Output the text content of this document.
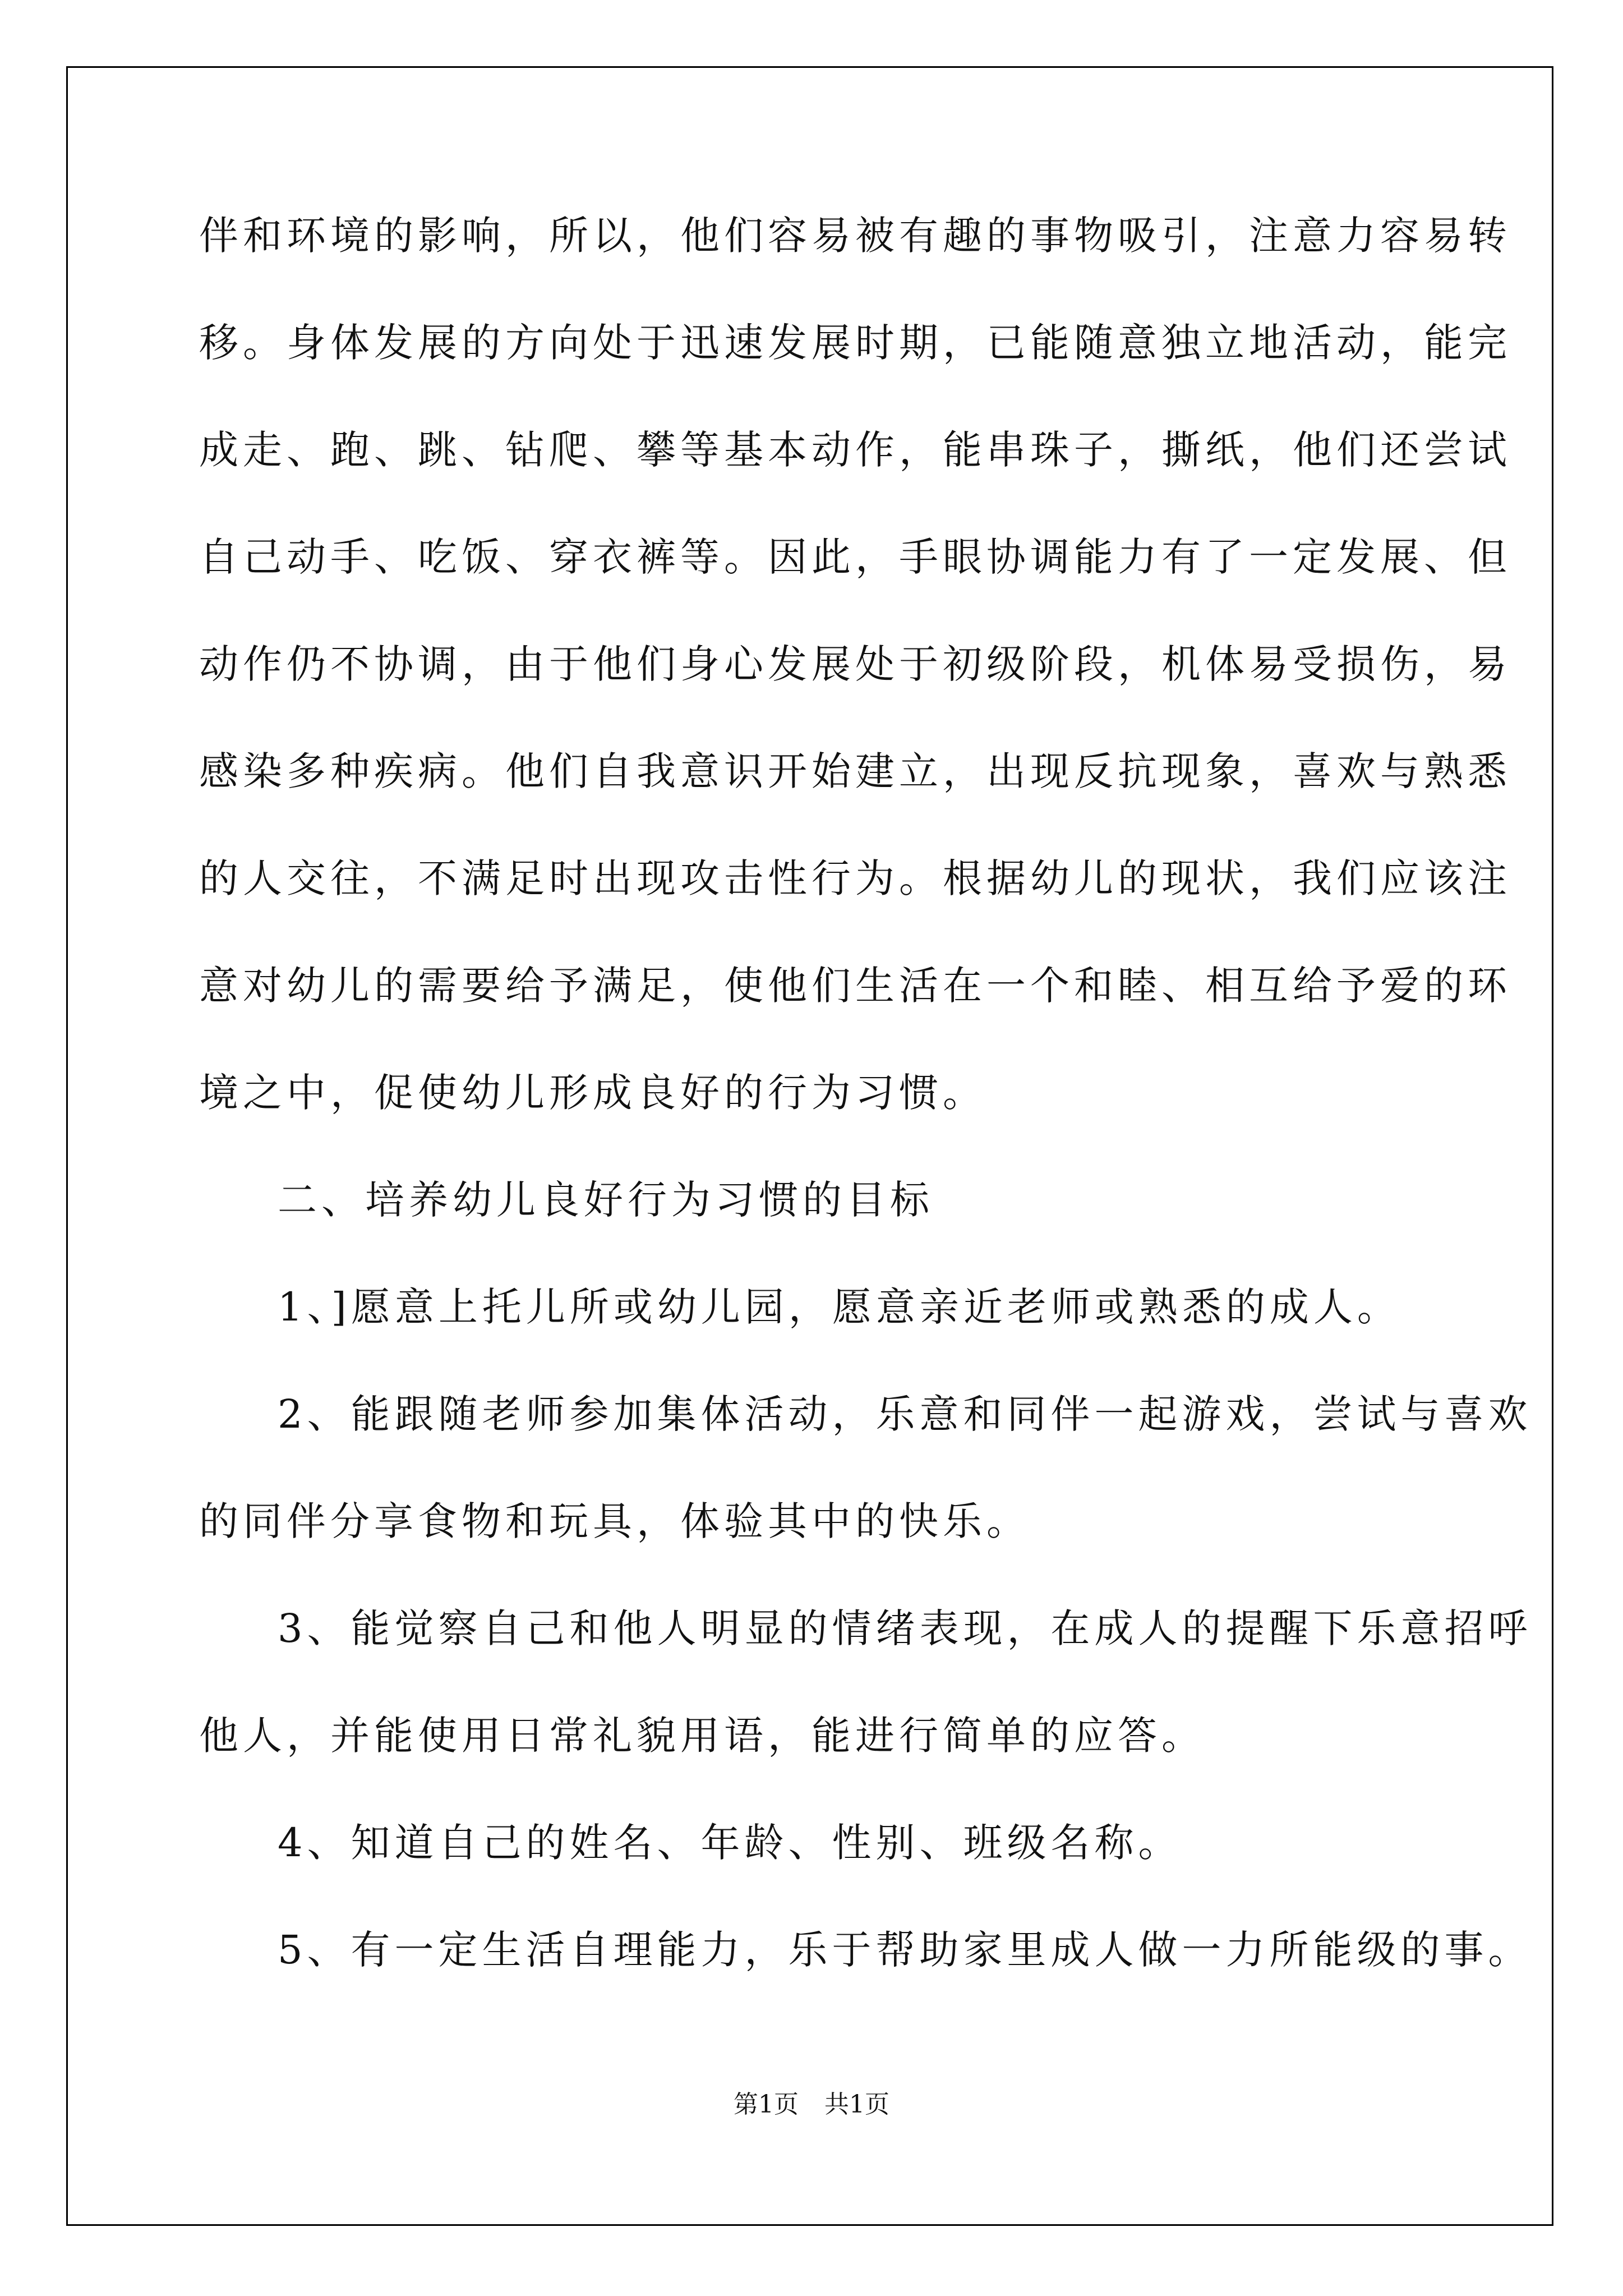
伴和环境的影响，所以，他们容易被有趣的事物吸引，注意力容易转

移。身体发展的方向处于迅速发展时期，已能随意独立地活动，能完

成走、跑、跳、钻爬、攀等基本动作，能串珠子，撕纸，他们还尝试

自己动手、吃饭、穿衣裤等。因此，手眼协调能力有了一定发展、但

动作仍不协调，由于他们身心发展处于初级阶段，机体易受损伤，易

感染多种疾病。他们自我意识开始建立，出现反抗现象，喜欢与熟悉

的人交往，不满足时出现攻击性行为。根据幼儿的现状，我们应该注

意对幼儿的需要给予满足，使他们生活在一个和睦、相互给予爱的环

境之中，促使幼儿形成良好的行为习惯。

二、培养幼儿良好行为习惯的目标

1、]愿意上托儿所或幼儿园，愿意亲近老师或熟悉的成人。

2、能跟随老师参加集体活动，乐意和同伴一起游戏，尝试与喜欢

的同伴分享食物和玩具，体验其中的快乐。

3、能觉察自己和他人明显的情绪表现，在成人的提醒下乐意招呼

他人，并能使用日常礼貌用语，能进行简单的应答。

4、知道自己的姓名、年龄、性别、班级名称。

5、有一定生活自理能力，乐于帮助家里成人做一力所能级的事。

第1页 共1页
